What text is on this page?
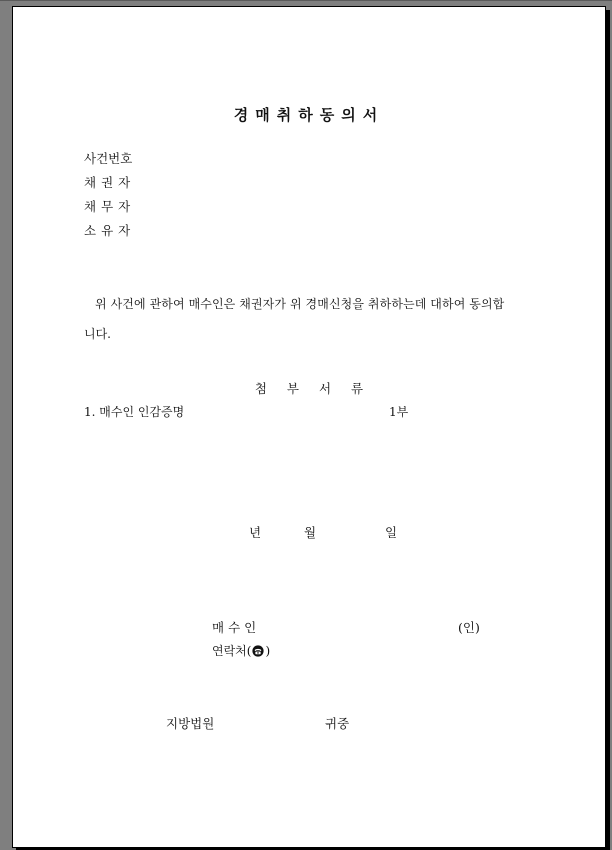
경매취하동의서
사건번호
채권자
채무자
소유자
위 사건에 관하여 매수인은 채권자가 위 경매신청을 취하하는데 대하여 동의합
니다.
첨 부 서 류
1. 매수인 인감증명	1부
년	월	일
매수인	(인)
연락처( )
지방법원	귀중
